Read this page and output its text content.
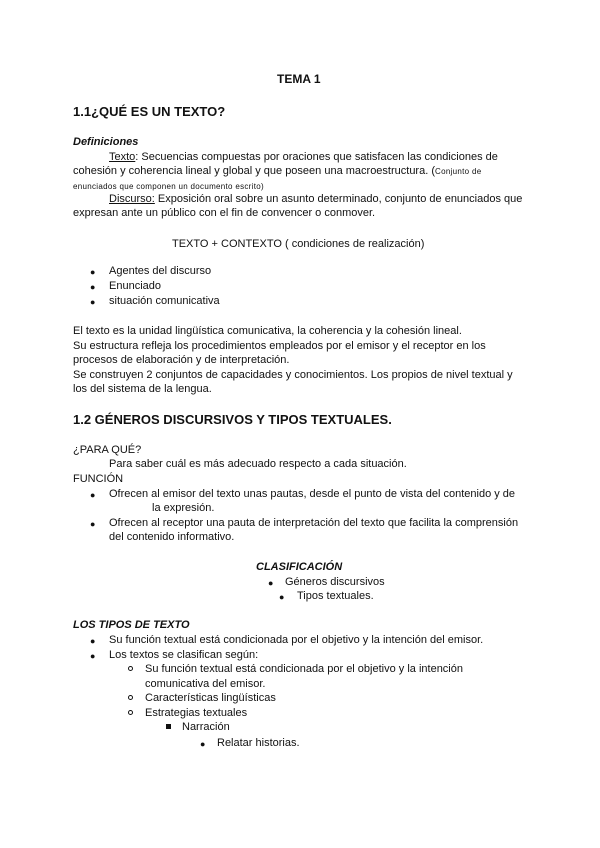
TEMA 1
1.1¿QUÉ ES UN TEXTO?
Definiciones
Texto: Secuencias compuestas por oraciones que satisfacen las condiciones de
cohesión y coherencia lineal y global y que poseen una macroestructura. (Conjunto de
enunciados que componen un documento escrito)
Discurso: Exposición oral sobre un asunto determinado, conjunto de enunciados que
expresan ante un público con el fin de convencer o conmover.
TEXTO + CONTEXTO ( condiciones de realización)
● Agentes del discurso
● Enunciado
● situación comunicativa
El texto es la unidad lingüística comunicativa, la coherencia y la cohesión lineal.
Su estructura refleja los procedimientos empleados por el emisor y el receptor en los
procesos de elaboración y de interpretación.
Se construyen 2 conjuntos de capacidades y conocimientos. Los propios de nivel textual y
los del sistema de la lengua.
1.2 GÉNEROS DISCURSIVOS Y TIPOS TEXTUALES.
¿PARA QUÉ?
Para saber cuál es más adecuado respecto a cada situación.
FUNCIÓN
● Ofrecen al emisor del texto unas pautas, desde el punto de vista del contenido y de
la expresión.
● Ofrecen al receptor una pauta de interpretación del texto que facilita la comprensión
del contenido informativo.
CLASIFICACIÓN
● Géneros discursivos
● Tipos textuales.
LOS TIPOS DE TEXTO
● Su función textual está condicionada por el objetivo y la intención del emisor.
● Los textos se clasifican según:
Su función textual está condicionada por el objetivo y la intención
comunicativa del emisor.
Características lingüísticas
Estrategias textuales
Narración
● Relatar historias.
